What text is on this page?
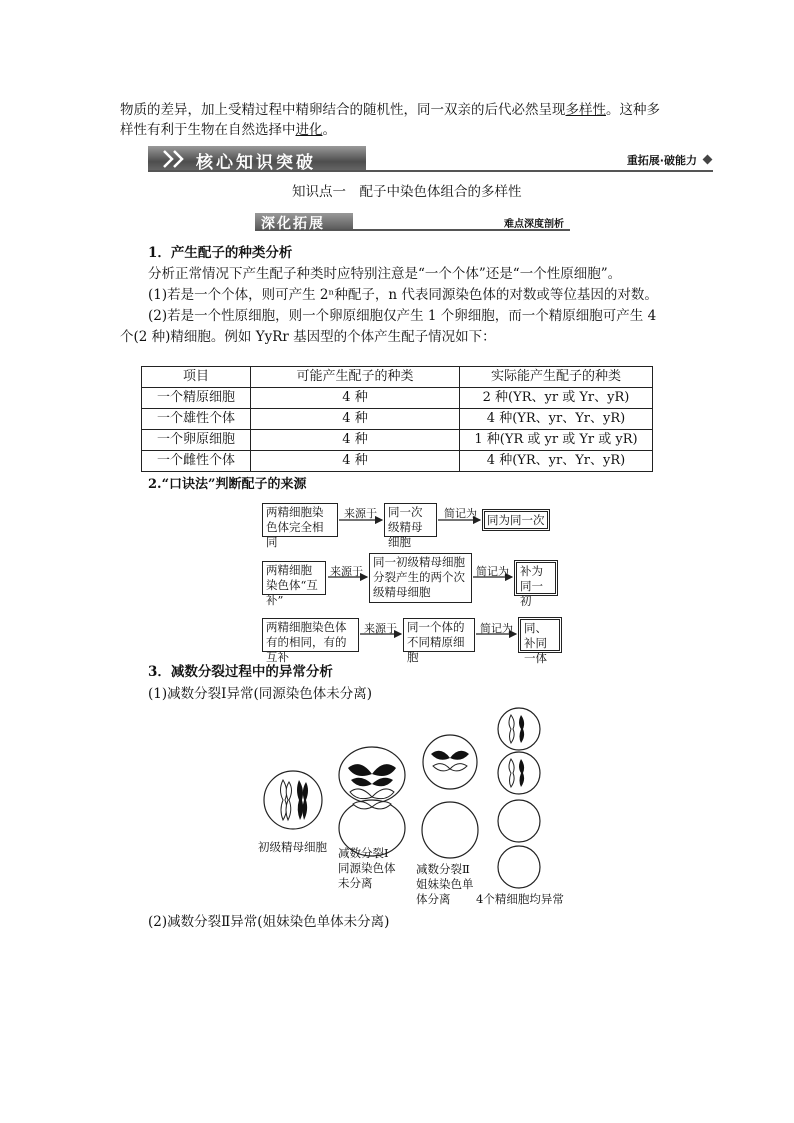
物质的差异，加上受精过程中精卵结合的随机性，同一双亲的后代必然呈现多样性。这种多
样性有利于生物在自然选择中进化。
核心知识突破	重拓展·破能力
知识点一　配子中染色体组合的多样性
深化拓展	难点深度剖析
1．产生配子的种类分析
分析正常情况下产生配子种类时应特别注意是“一个个体”还是“一个性原细胞”。
(1)若是一个个体，则可产生 2ⁿ种配子，n 代表同源染色体的对数或等位基因的对数。
(2)若是一个性原细胞，则一个卵原细胞仅产生 1 个卵细胞，而一个精原细胞可产生 4
个(2 种)精细胞。例如 YyRr 基因型的个体产生配子情况如下：
项目	可能产生配子的种类	实际能产生配子的种类
一个精原细胞	4 种	2 种(YR、yr 或 Yr、yR)
一个雄性个体	4 种	4 种(YR、yr、Yr、yR)
一个卵原细胞	4 种	1 种(YR 或 yr 或 Yr 或 yR)
一个雌性个体	4 种	4 种(YR、yr、Yr、yR)
2.“口诀法”判断配子的来源
两精细胞染色体完全相同
来源于 同一次级精母细胞
简记为 同为同一次
两精细胞染色体“互补”
来源于
同一初级精母细胞分裂产生的两个次级精母细胞
简记为 补为同一初
两精细胞染色体有的相同，有的互补
来源于 同一个体的不同精原细胞
简记为 同、补同一体
3．减数分裂过程中的异常分析
(1)减数分裂Ⅰ异常(同源染色体未分离)
初级精母细胞 减数分裂Ⅰ
同源染色体
未分离
减数分裂Ⅱ
姐妹染色单
体分离	4个精细胞均异常
(2)减数分裂Ⅱ异常(姐妹染色单体未分离)
